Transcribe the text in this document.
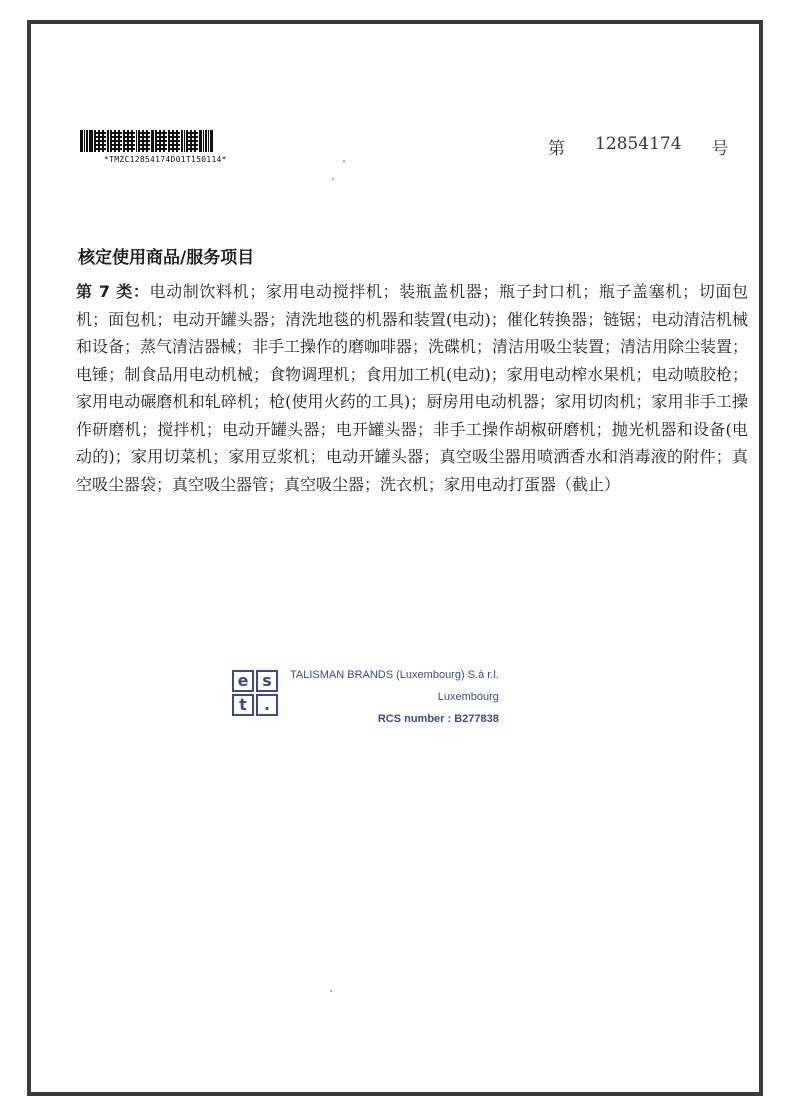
*TMZC12854174D01T150114*
第 12854174 号
核定使用商品/服务项目
第 7 类：电动制饮料机；家用电动搅拌机；装瓶盖机器；瓶子封口机；瓶子盖塞机；切面包机；面包机；电动开罐头器；清洗地毯的机器和装置(电动)；催化转换器；链锯；电动清洁机械和设备；蒸气清洁器械；非手工操作的磨咖啡器；洗碟机；清洁用吸尘装置；清洁用除尘装置；电锤；制食品用电动机械；食物调理机；食用加工机(电动)；家用电动榨水果机；电动喷胶枪；家用电动碾磨机和轧碎机；枪(使用火药的工具)；厨房用电动机器；家用切肉机；家用非手工操作研磨机；搅拌机；电动开罐头器；电开罐头器；非手工操作胡椒研磨机；抛光机器和设备(电动的)；家用切菜机；家用豆浆机；电动开罐头器；真空吸尘器用喷洒香水和消毒液的附件；真空吸尘器袋；真空吸尘器管；真空吸尘器；洗衣机；家用电动打蛋器（截止）
e s
t	.
TALISMAN BRANDS (Luxembourg) S.à r.l.
Luxembourg
RCS number : B277838
